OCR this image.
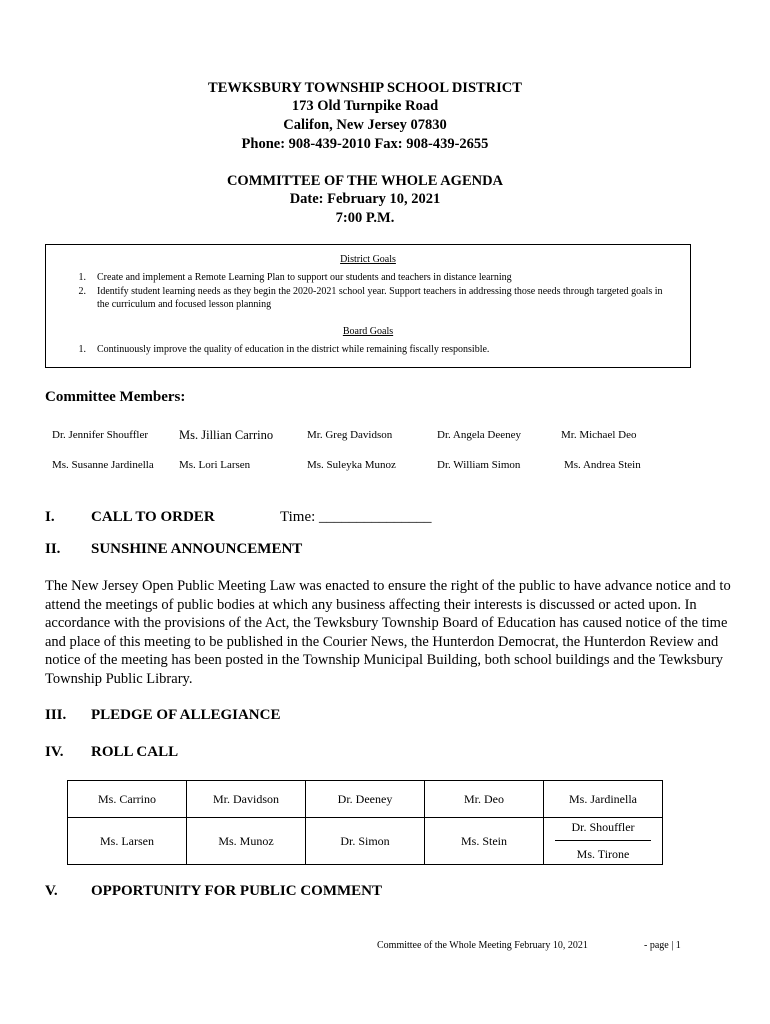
TEWKSBURY TOWNSHIP SCHOOL DISTRICT
173 Old Turnpike Road
Califon, New Jersey 07830
Phone: 908-439-2010 Fax: 908-439-2655
COMMITTEE OF THE WHOLE AGENDA
Date: February 10, 2021
7:00 P.M.
District Goals
1. Create and implement a Remote Learning Plan to support our students and teachers in distance learning
2. Identify student learning needs as they begin the 2020-2021 school year. Support teachers in addressing those needs through targeted goals in the curriculum and focused lesson planning
Board Goals
1. Continuously improve the quality of education in the district while remaining fiscally responsible.
Committee Members:
Dr. Jennifer Shouffler Ms. Jillian Carrino	Mr. Greg Davidson	Dr. Angela Deeney	Mr. Michael Deo
Ms. Susanne Jardinella Ms. Lori Larsen	Ms. Suleyka Munoz	Dr. William Simon	Ms. Andrea Stein
I. CALL TO ORDER	Time: _______________
II. SUNSHINE ANNOUNCEMENT
The New Jersey Open Public Meeting Law was enacted to ensure the right of the public to have advance notice and to attend the meetings of public bodies at which any business affecting their interests is discussed or acted upon. In accordance with the provisions of the Act, the Tewksbury Township Board of Education has caused notice of the time and place of this meeting to be published in the Courier News, the Hunterdon Democrat, the Hunterdon Review and notice of the meeting has been posted in the Township Municipal Building, both school buildings and the Tewksbury Township Public Library.
III. PLEDGE OF ALLEGIANCE
IV. ROLL CALL
Ms. Carrino	Mr. Davidson	Dr. Deeney	Mr. Deo	Ms. Jardinella
Ms. Larsen	Ms. Munoz	Dr. Simon	Ms. Stein	Dr. Shouffler
Ms. Tirone
V. OPPORTUNITY FOR PUBLIC COMMENT
Committee of the Whole Meeting February 10, 2021	- page | 1
